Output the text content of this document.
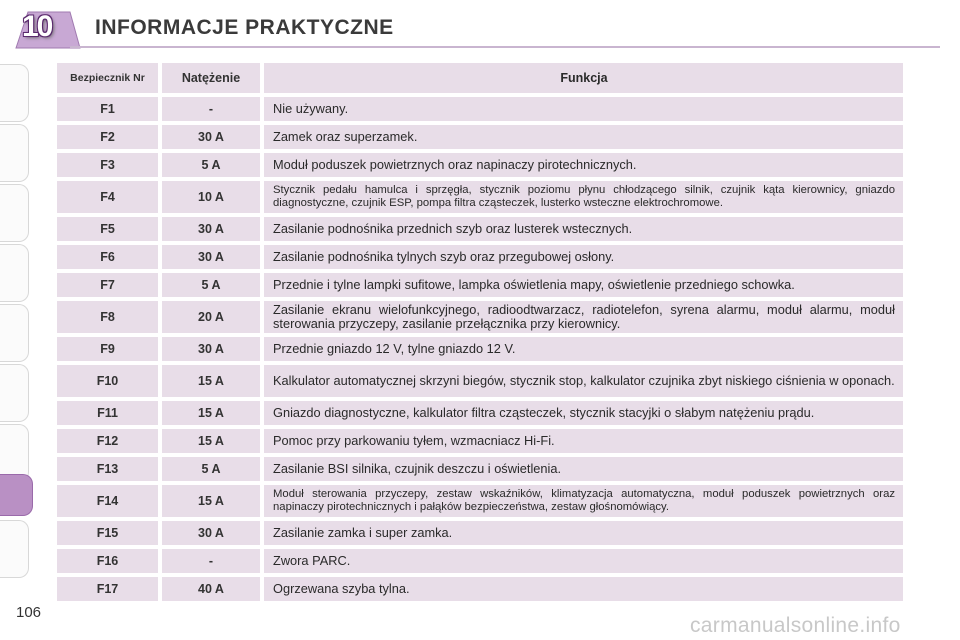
10 INFORMACJE PRAKTYCZNE
Bezpiecznik Nr	Natężenie	Funkcja
F1	-	Nie używany.
F2	30 A	Zamek oraz superzamek.
F3	5 A	Moduł poduszek powietrznych oraz napinaczy pirotechnicznych.
F4	10 A	Stycznik pedału hamulca i sprzęgła, stycznik poziomu płynu chłodzącego silnik, czujnik kąta kierownicy, gniazdo diagnostyczne, czujnik ESP, pompa filtra cząsteczek, lusterko wsteczne elektrochromowe.
F5	30 A	Zasilanie podnośnika przednich szyb oraz lusterek wstecznych.
F6	30 A	Zasilanie podnośnika tylnych szyb oraz przegubowej osłony.
F7	5 A	Przednie i tylne lampki sufitowe, lampka oświetlenia mapy, oświetlenie przedniego schowka.
F8	20 A	Zasilanie ekranu wielofunkcyjnego, radioodtwarzacz, radiotelefon, syrena alarmu, moduł alarmu, moduł sterowania przyczepy, zasilanie przełącznika przy kierownicy.
F9	30 A	Przednie gniazdo 12 V, tylne gniazdo 12 V.
F10	15 A	Kalkulator automatycznej skrzyni biegów, stycznik stop, kalkulator czujnika zbyt niskiego ciśnienia w oponach.
F11	15 A	Gniazdo diagnostyczne, kalkulator filtra cząsteczek, stycznik stacyjki o słabym natężeniu prądu.
F12	15 A	Pomoc przy parkowaniu tyłem, wzmacniacz Hi-Fi.
F13	5 A	Zasilanie BSI silnika, czujnik deszczu i oświetlenia.
F14	15 A	Moduł sterowania przyczepy, zestaw wskaźników, klimatyzacja automatyczna, moduł poduszek powietrznych oraz napinaczy pirotechnicznych i pałąków bezpieczeństwa, zestaw głośnomówiący.
F15	30 A	Zasilanie zamka i super zamka.
F16	-	Zwora PARC.
F17	40 A	Ogrzewana szyba tylna.
106
carmanualsonline.info
